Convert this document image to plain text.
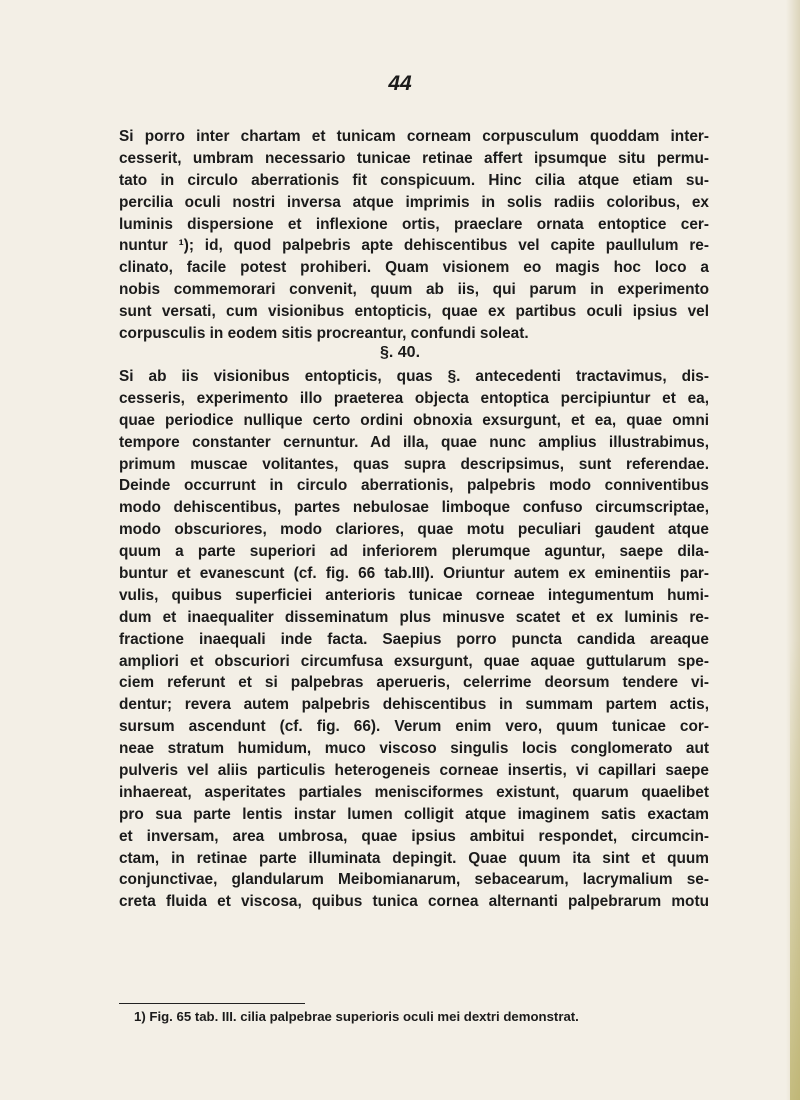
44
Si porro inter chartam et tunicam corneam corpusculum quoddam inter-
cesserit, umbram necessario tunicae retinae affert ipsumque situ permu-
tato in circulo aberrationis fit conspicuum. Hinc cilia atque etiam su-
percilia oculi nostri inversa atque imprimis in solis radiis coloribus, ex
luminis dispersione et inflexione ortis, praeclare ornata entoptice cer-
nuntur ¹); id, quod palpebris apte dehiscentibus vel capite paullulum re-
clinato, facile potest prohiberi. Quam visionem eo magis hoc loco a
nobis commemorari convenit, quum ab iis, qui parum in experimento
sunt versati, cum visionibus entopticis, quae ex partibus oculi ipsius vel
corpusculis in eodem sitis procreantur, confundi soleat.
§. 40.
Si ab iis visionibus entopticis, quas §. antecedenti tractavimus, dis-
cesseris, experimento illo praeterea objecta entoptica percipiuntur et ea,
quae periodice nullique certo ordini obnoxia exsurgunt, et ea, quae omni
tempore constanter cernuntur. Ad illa, quae nunc amplius illustrabimus,
primum muscae volitantes, quas supra descripsimus, sunt referendae.
Deinde occurrunt in circulo aberrationis, palpebris modo conniventibus
modo dehiscentibus, partes nebulosae limboque confuso circumscriptae,
modo obscuriores, modo clariores, quae motu peculiari gaudent atque
quum a parte superiori ad inferiorem plerumque aguntur, saepe dila-
buntur et evanescunt (cf. fig. 66 tab.III). Oriuntur autem ex eminentiis par-
vulis, quibus superficiei anterioris tunicae corneae integumentum humi-
dum et inaequaliter disseminatum plus minusve scatet et ex luminis re-
fractione inaequali inde facta. Saepius porro puncta candida areaque
ampliori et obscuriori circumfusa exsurgunt, quae aquae guttularum spe-
ciem referunt et si palpebras aperueris, celerrime deorsum tendere vi-
dentur; revera autem palpebris dehiscentibus in summam partem actis,
sursum ascendunt (cf. fig. 66). Verum enim vero, quum tunicae cor-
neae stratum humidum, muco viscoso singulis locis conglomerato aut
pulveris vel aliis particulis heterogeneis corneae insertis, vi capillari saepe
inhaereat, asperitates partiales menisciformes existunt, quarum quaelibet
pro sua parte lentis instar lumen colligit atque imaginem satis exactam
et inversam, area umbrosa, quae ipsius ambitui respondet, circumcin-
ctam, in retinae parte illuminata depingit. Quae quum ita sint et quum
conjunctivae, glandularum Meibomianarum, sebacearum, lacrymalium se-
creta fluida et viscosa, quibus tunica cornea alternanti palpebrarum motu
1) Fig. 65 tab. III. cilia palpebrae superioris oculi mei dextri demonstrat.
